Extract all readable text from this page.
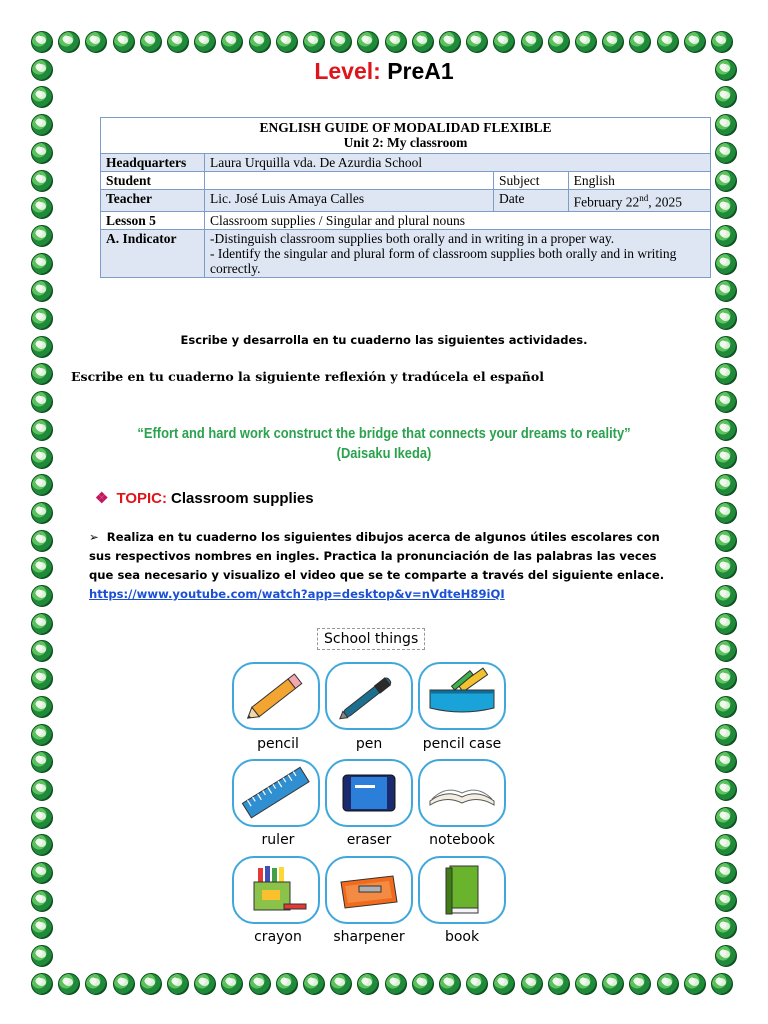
Level: PreA1
ENGLISH GUIDE OF MODALIDAD FLEXIBLE
Unit 2: My classroom			

Headquarters	Laura Urquilla vda. De Azurdia School		
Student		Subject	English
Teacher	Lic. José Luis Amaya Calles	Date	February 22nd, 2025
Lesson 5	Classroom supplies / Singular and plural nouns		
A. Indicator	-Distinguish classroom supplies both orally and in writing in a proper way.
- Identify the singular and plural form of classroom supplies both orally and in writing correctly.		
Escribe y desarrolla en tu cuaderno las siguientes actividades.
Escribe en tu cuaderno la siguiente reflexión y tradúcela el español
“Effort and hard work construct the bridge that connects your dreams to reality”
(Daisaku Ikeda)
❖ TOPIC: Classroom supplies
➢ Realiza en tu cuaderno los siguientes dibujos acerca de algunos útiles escolares con sus respectivos nombres en ingles. Practica la pronunciación de las palabras las veces que sea necesario y visualizo el video que se te comparte a través del siguiente enlace.
https://www.youtube.com/watch?app=desktop&v=nVdteH89iQI
School things
pencil	pen	pencil case
ruler	eraser	notebook
crayon	sharpener	book
